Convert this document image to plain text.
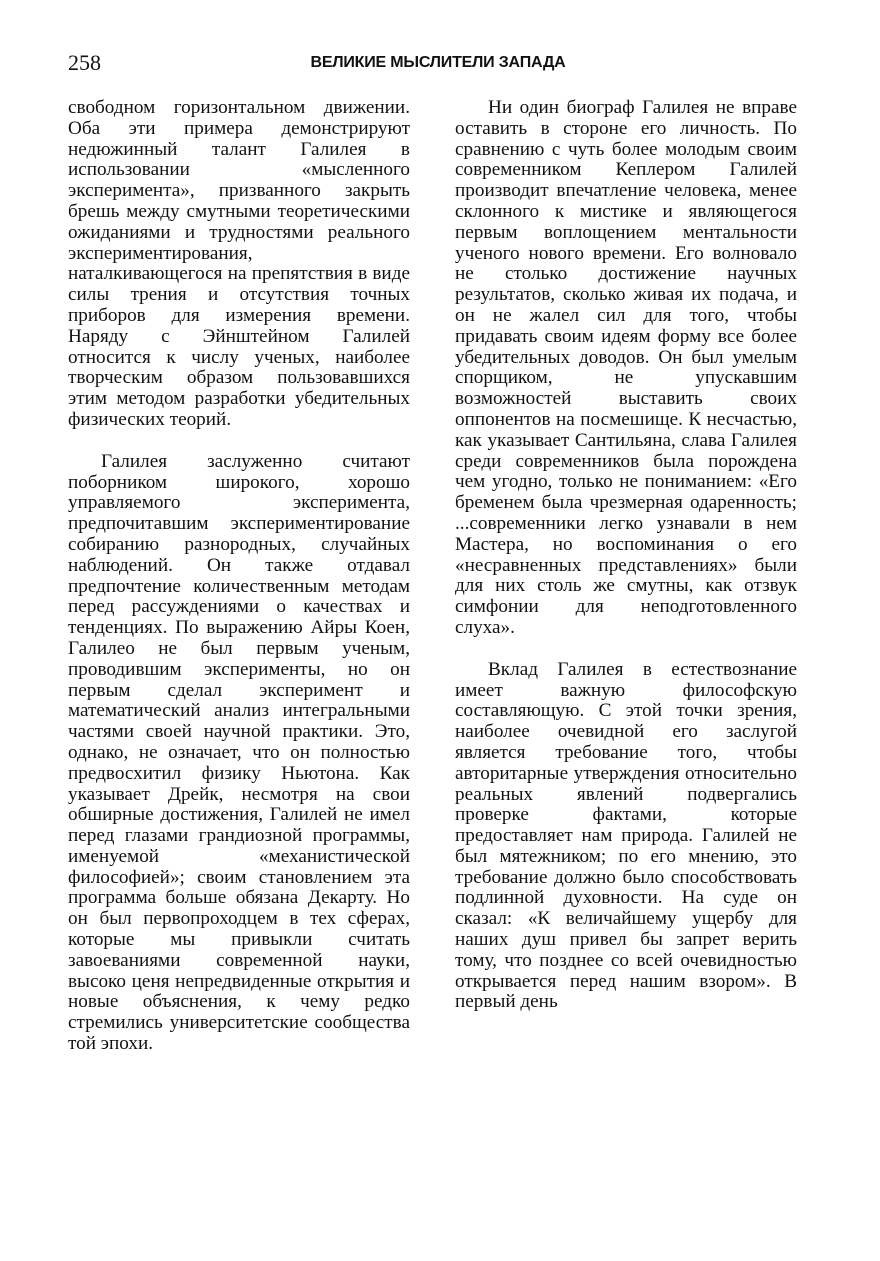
258	ВЕЛИКИЕ МЫСЛИТЕЛИ ЗАПАДА
свободном горизонтальном движении. Оба эти примера демонстрируют недюжинный талант Галилея в использовании «мысленного эксперимента», призванного закрыть брешь между смутными теоретическими ожиданиями и трудностями реального экспериментирования, наталкивающегося на препятствия в виде силы трения и отсутствия точных приборов для измерения времени. Наряду с Эйнштейном Галилей относится к числу ученых, наиболее творческим образом пользовавшихся этим методом разработки убедительных физических теорий.
Галилея заслуженно считают поборником широкого, хорошо управляемого эксперимента, предпочитавшим экспериментирование собиранию разнородных, случайных наблюдений. Он также отдавал предпочтение количественным методам перед рассуждениями о качествах и тенденциях. По выражению Айры Коен, Галилео не был первым ученым, проводившим эксперименты, но он первым сделал эксперимент и математический анализ интегральными частями своей научной практики. Это, однако, не означает, что он полностью предвосхитил физику Ньютона. Как указывает Дрейк, несмотря на свои обширные достижения, Галилей не имел перед глазами грандиозной программы, именуемой «механистической философией»; своим становлением эта программа больше обязана Декарту. Но он был первопроходцем в тех сферах, которые мы привыкли считать завоеваниями современной науки, высоко ценя непредвиденные открытия и новые объяснения, к чему редко стремились университетские сообщества той эпохи.
Ни один биограф Галилея не вправе оставить в стороне его личность. По сравнению с чуть более молодым своим современником Кеплером Галилей производит впечатление человека, менее склонного к мистике и являющегося первым воплощением ментальности ученого нового времени. Его волновало не столько достижение научных результатов, сколько живая их подача, и он не жалел сил для того, чтобы придавать своим идеям форму все более убедительных доводов. Он был умелым спорщиком, не упускавшим возможностей выставить своих оппонентов на посмешище. К несчастью, как указывает Сантильяна, слава Галилея среди современников была порождена чем угодно, только не пониманием: «Его бременем была чрезмерная одаренность; ...современники легко узнавали в нем Мастера, но воспоминания о его «несравненных представлениях» были для них столь же смутны, как отзвук симфонии для неподготовленного слуха».
Вклад Галилея в естествознание имеет важную философскую составляющую. С этой точки зрения, наиболее очевидной его заслугой является требование того, чтобы авторитарные утверждения относительно реальных явлений подвергались проверке фактами, которые предоставляет нам природа. Галилей не был мятежником; по его мнению, это требование должно было способствовать подлинной духовности. На суде он сказал: «К величайшему ущербу для наших душ привел бы запрет верить тому, что позднее со всей очевидностью открывается перед нашим взором». В первый день
